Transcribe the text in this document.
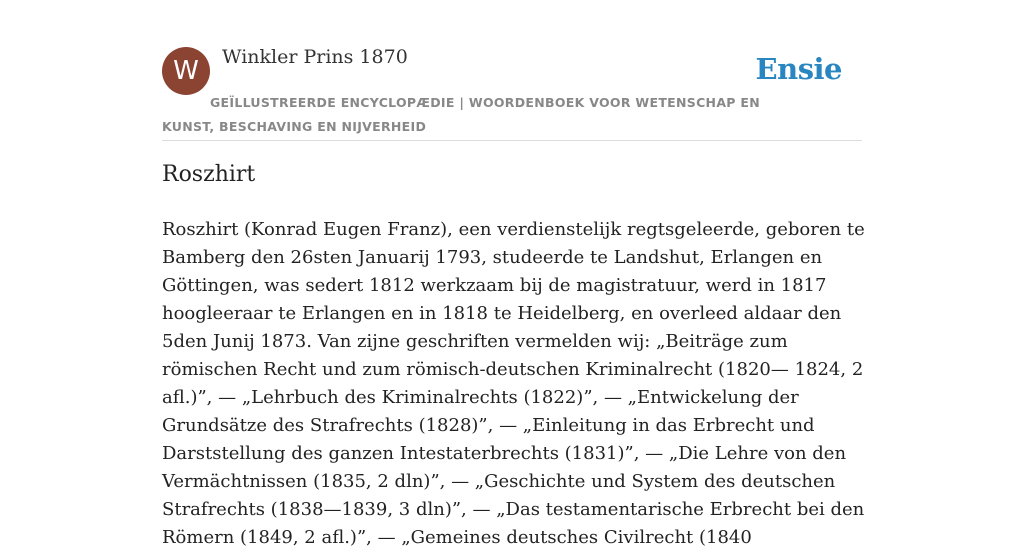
W	Winkler Prins 1870	Ensie
GEÏLLUSTREERDE ENCYCLOPÆDIE | WOORDENBOEK VOOR WETENSCHAP EN KUNST, BESCHAVING EN NIJVERHEID
Roszhirt

Roszhirt (Konrad Eugen Franz), een verdienstelijk regtsgeleerde, geboren te Bamberg den 26sten Januarij 1793, studeerde te Landshut, Erlangen en Göttingen, was sedert 1812 werkzaam bij de magistratuur, werd in 1817 hoogleeraar te Erlangen en in 1818 te Heidelberg, en overleed aldaar den 5den Junij 1873. Van zijne geschriften vermelden wij: „Beiträge zum römischen Recht und zum römisch-deutschen Kriminalrecht (1820— 1824, 2 afl.)”, — „Lehrbuch des Kriminalrechts (1822)”, — „Entwickelung der Grundsätze des Strafrechts (1828)”, — „Einleitung in das Erbrecht und Darststellung des ganzen Intestaterbrechts (1831)”, — „Die Lehre von den Vermächtnissen (1835, 2 dln)”, — „Geschichte und System des deutschen Strafrechts (1838—1839, 3 dln)”, — „Das testamentarische Erbrecht bei den Römern (1849, 2 afl.)”, — „Gemeines deutsches Civilrecht (1840
